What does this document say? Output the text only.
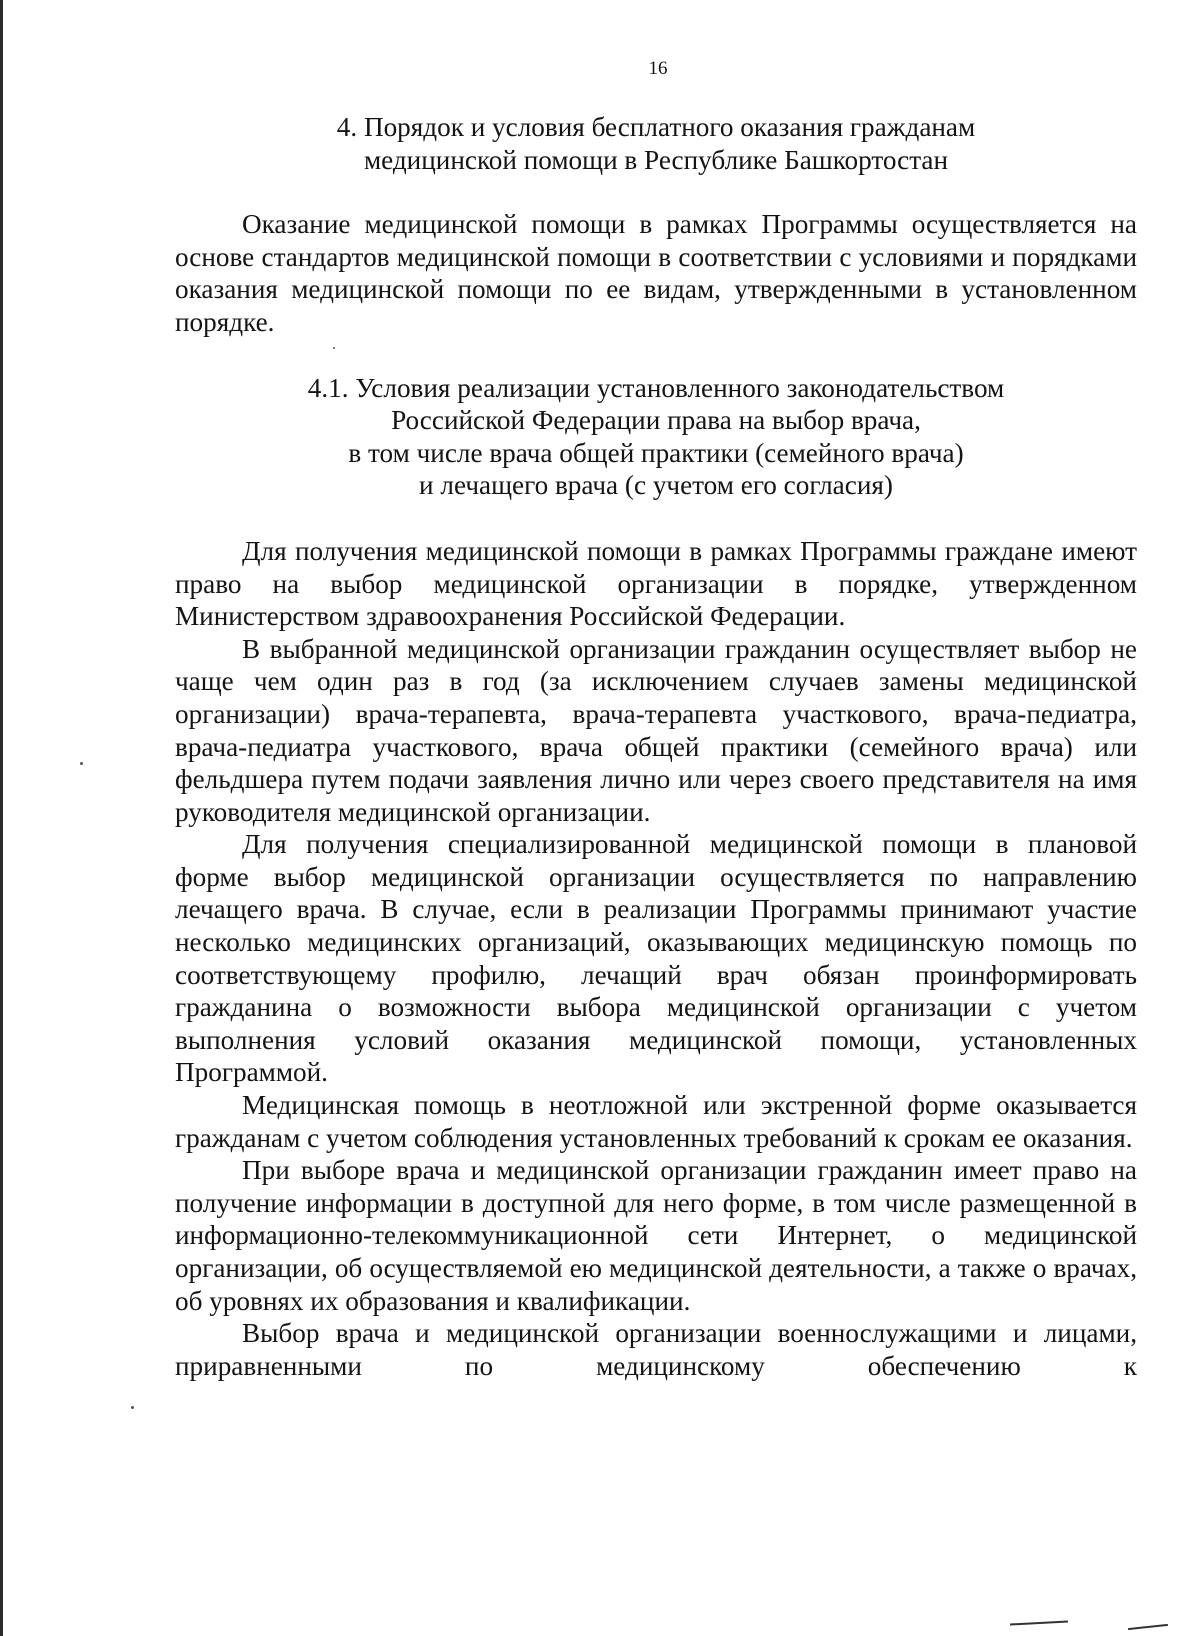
16
4. Порядок и условия бесплатного оказания гражданам
медицинской помощи в Республике Башкортостан

Оказание медицинской помощи в рамках Программы осуществляется на основе стандартов медицинской помощи в соответствии с условиями и порядками оказания медицинской помощи по ее видам, утвержденными в установленном порядке.

4.1. Условия реализации установленного законодательством
Российской Федерации права на выбор врача,
в том числе врача общей практики (семейного врача)
и лечащего врача (с учетом его согласия)

Для получения медицинской помощи в рамках Программы граждане имеют право на выбор медицинской организации в порядке, утвержденном Министерством здравоохранения Российской Федерации.

В выбранной медицинской организации гражданин осуществляет выбор не чаще чем один раз в год (за исключением случаев замены медицинской организации) врача-терапевта, врача-терапевта участкового, врача-педиатра, врача-педиатра участкового, врача общей практики (семейного врача) или фельдшера путем подачи заявления лично или через своего представителя на имя руководителя медицинской организации.

Для получения специализированной медицинской помощи в плановой форме выбор медицинской организации осуществляется по направлению лечащего врача. В случае, если в реализации Программы принимают участие несколько медицинских организаций, оказывающих медицинскую помощь по соответствующему профилю, лечащий врач обязан проинформировать гражданина о возможности выбора медицинской организации с учетом выполнения условий оказания медицинской помощи, установленных Программой.

Медицинская помощь в неотложной или экстренной форме оказывается гражданам с учетом соблюдения установленных требований к срокам ее оказания.

При выборе врача и медицинской организации гражданин имеет право на получение информации в доступной для него форме, в том числе размещенной в информационно-телекоммуникационной сети Интернет, о медицинской организации, об осуществляемой ею медицинской деятельности, а также о врачах, об уровнях их образования и квалификации.

Выбор врача и медицинской организации военнослужащими и лицами, приравненными по медицинскому обеспечению к
